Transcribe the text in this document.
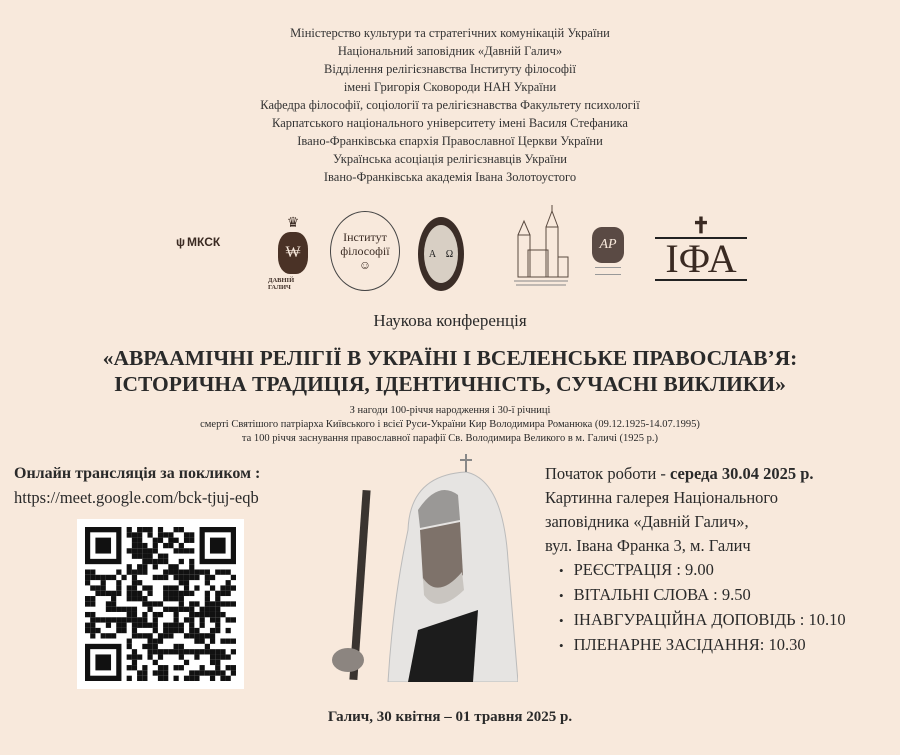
Міністерство культури та стратегічних комунікацій України
Національний заповідник «Давній Галич»
Відділення релігієзнавства Інституту філософії
імені Григорія Сковороди НАН України
Кафедра філософії, соціології та релігієзнавства Факультету психології
Карпатського національного університету імені Василя Стефаника
Івано-Франківська єпархія Православної Церкви України
Українська асоціація релігієзнавців України
Івано-Франківська академія Івана Золотоустого
ψ МКСК
♛
₩
ДАВНІЙ ГАЛИЧ
Інститут
філософії
☺
А Ω
АР
✝
ІФА
Наукова конференція
«АВРААМІЧНІ РЕЛІГІЇ В УКРАЇНІ І ВСЕЛЕНСЬКЕ ПРАВОСЛАВ’Я:
ІСТОРИЧНА ТРАДИЦІЯ, ІДЕНТИЧНІСТЬ, СУЧАСНІ ВИКЛИКИ»
З нагоди 100-річчя народження і 30-ї річниці
смерті Святішого патріарха Київського і всієї Руси-України Кир Володимира Романюка (09.12.1925-14.07.1995)
та 100 річчя заснування православної парафії Св. Володимира Великого в м. Галичі (1925 р.)
Онлайн трансляція за покликом :
https://meet.google.com/bck-tjuj-eqb
Початок роботи - середа 30.04 2025 р.
Картинна галерея Національного
заповідника «Давній Галич»,
вул. Івана Франка 3, м. Галич
• РЕЄСТРАЦІЯ : 9.00
• ВІТАЛЬНІ СЛОВА : 9.50
• ІНАВГУРАЦІЙНА ДОПОВІДЬ : 10.10
• ПЛЕНАРНЕ ЗАСІДАННЯ: 10.30
Галич, 30 квітня – 01 травня 2025 р.
